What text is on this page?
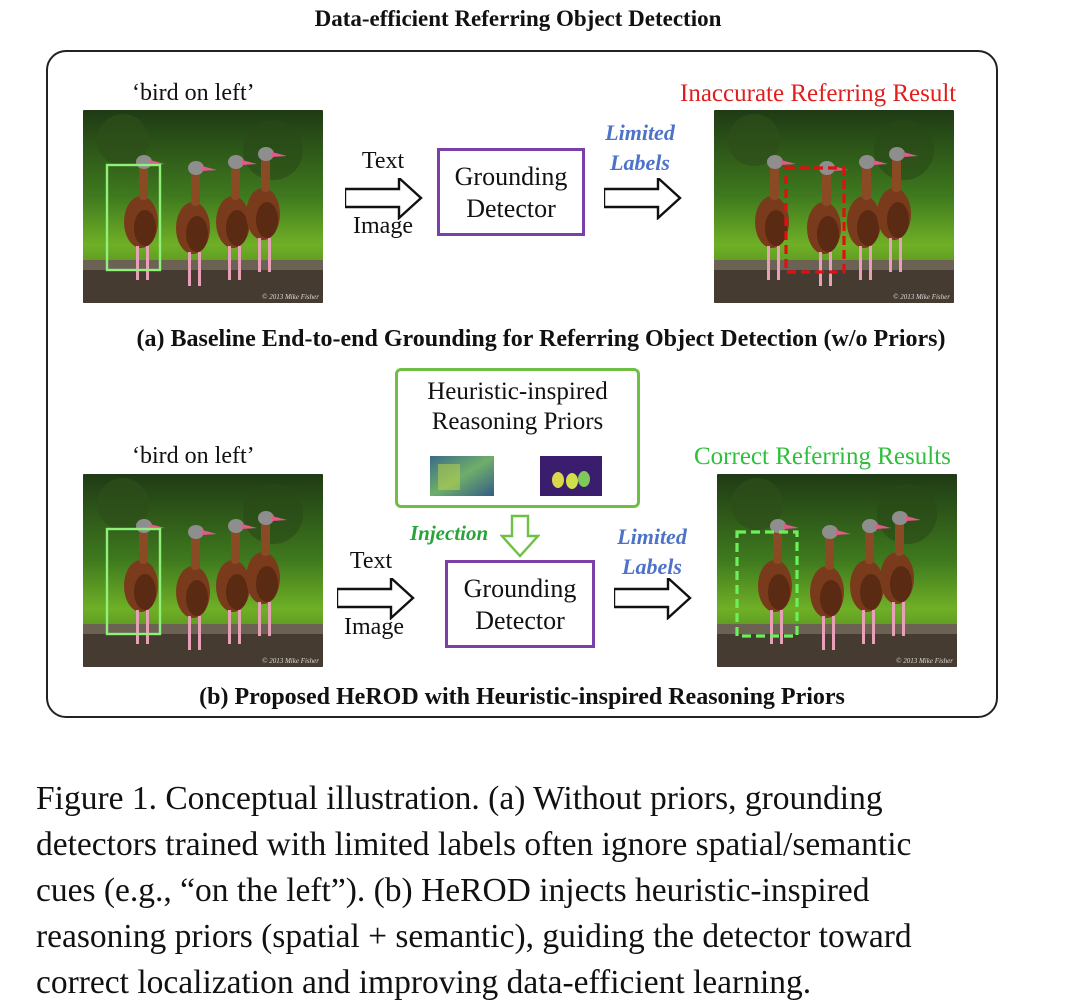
Data-efficient Referring Object Detection
‘bird on left’
© 2013 Mike Fisher
Text
Image
Grounding
Detector
Limited
Labels
Inaccurate Referring Result
© 2013 Mike Fisher
(a) Baseline End-to-end Grounding for Referring Object Detection (w/o Priors)
Heuristic-inspired
Reasoning Priors
‘bird on left’	Correct Referring Results
© 2013 Mike Fisher
Injection
Text
Image
Grounding
Detector
Limited
Labels
© 2013 Mike Fisher
(b) Proposed HeROD with Heuristic-inspired Reasoning Priors
Figure 1. Conceptual illustration. (a) Without priors, grounding
detectors trained with limited labels often ignore spatial/semantic
cues (e.g., “on the left”). (b) HeROD injects heuristic-inspired
reasoning priors (spatial + semantic), guiding the detector toward
correct localization and improving data-efficient learning.
